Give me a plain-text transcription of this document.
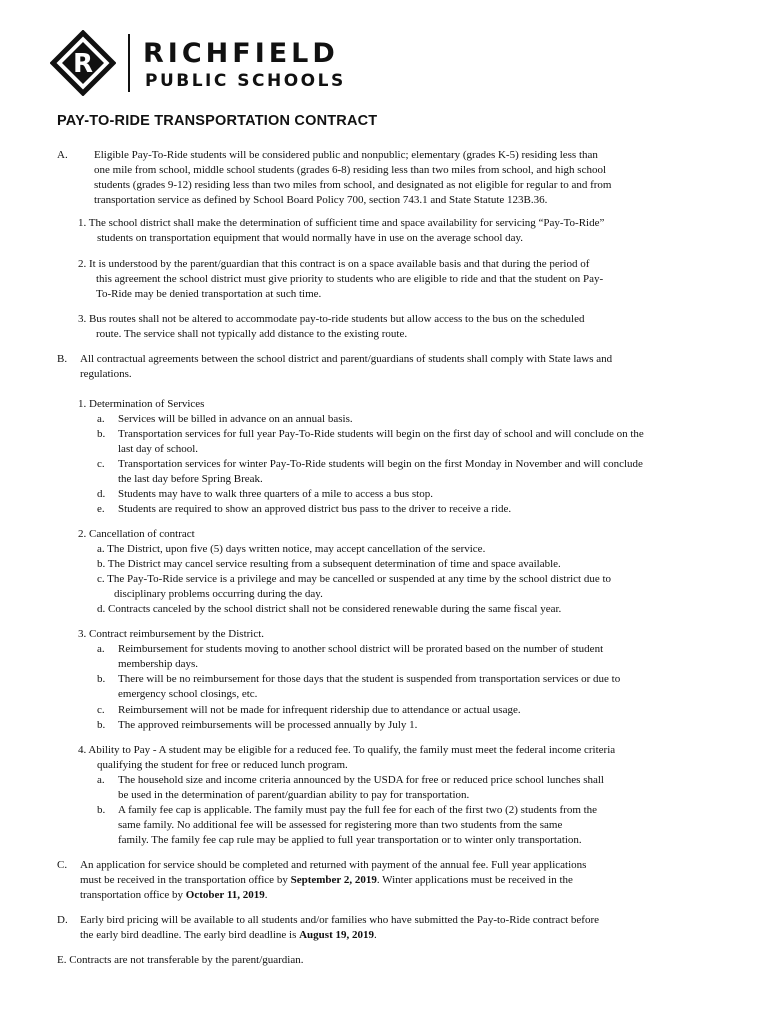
R RICHFIELD
PUBLIC SCHOOLS
PAY-TO-RIDE TRANSPORTATION CONTRACT
A. Eligible Pay-To-Ride students will be considered public and nonpublic; elementary (grades K-5) residing less than
one mile from school, middle school students (grades 6-8) residing less than two miles from school, and high school
students (grades 9-12) residing less than two miles from school, and designated as not eligible for regular to and from
transportation service as defined by School Board Policy 700, section 743.1 and State Statute 123B.36.
1. The school district shall make the determination of sufficient time and space availability for servicing “Pay-To-Ride”
students on transportation equipment that would normally have in use on the average school day.
2. It is understood by the parent/guardian that this contract is on a space available basis and that during the period of
this agreement the school district must give priority to students who are eligible to ride and that the student on Pay-
To-Ride may be denied transportation at such time.
3. Bus routes shall not be altered to accommodate pay-to-ride students but allow access to the bus on the scheduled
route. The service shall not typically add distance to the existing route.
B. All contractual agreements between the school district and parent/guardians of students shall comply with State laws and
regulations.
1. Determination of Services
a. Services will be billed in advance on an annual basis.
b. Transportation services for full year Pay-To-Ride students will begin on the first day of school and will conclude on the
last day of school.
c. Transportation services for winter Pay-To-Ride students will begin on the first Monday in November and will conclude
the last day before Spring Break.
d. Students may have to walk three quarters of a mile to access a bus stop.
e. Students are required to show an approved district bus pass to the driver to receive a ride.
2. Cancellation of contract
a. The District, upon five (5) days written notice, may accept cancellation of the service.
b. The District may cancel service resulting from a subsequent determination of time and space available.
c. The Pay-To-Ride service is a privilege and may be cancelled or suspended at any time by the school district due to
disciplinary problems occurring during the day.
d. Contracts canceled by the school district shall not be considered renewable during the same fiscal year.
3. Contract reimbursement by the District.
a. Reimbursement for students moving to another school district will be prorated based on the number of student
membership days.
b. There will be no reimbursement for those days that the student is suspended from transportation services or due to
emergency school closings, etc.
c. Reimbursement will not be made for infrequent ridership due to attendance or actual usage.
b. The approved reimbursements will be processed annually by July 1.
4. Ability to Pay - A student may be eligible for a reduced fee. To qualify, the family must meet the federal income criteria
qualifying the student for free or reduced lunch program.
a. The household size and income criteria announced by the USDA for free or reduced price school lunches shall
be used in the determination of parent/guardian ability to pay for transportation.
b. A family fee cap is applicable. The family must pay the full fee for each of the first two (2) students from the
same family. No additional fee will be assessed for registering more than two students from the same
family. The family fee cap rule may be applied to full year transportation or to winter only transportation.
C. An application for service should be completed and returned with payment of the annual fee. Full year applications
must be received in the transportation office by September 2, 2019. Winter applications must be received in the
transportation office by October 11, 2019.
D. Early bird pricing will be available to all students and/or families who have submitted the Pay-to-Ride contract before
the early bird deadline. The early bird deadline is August 19, 2019.
E. Contracts are not transferable by the parent/guardian.
